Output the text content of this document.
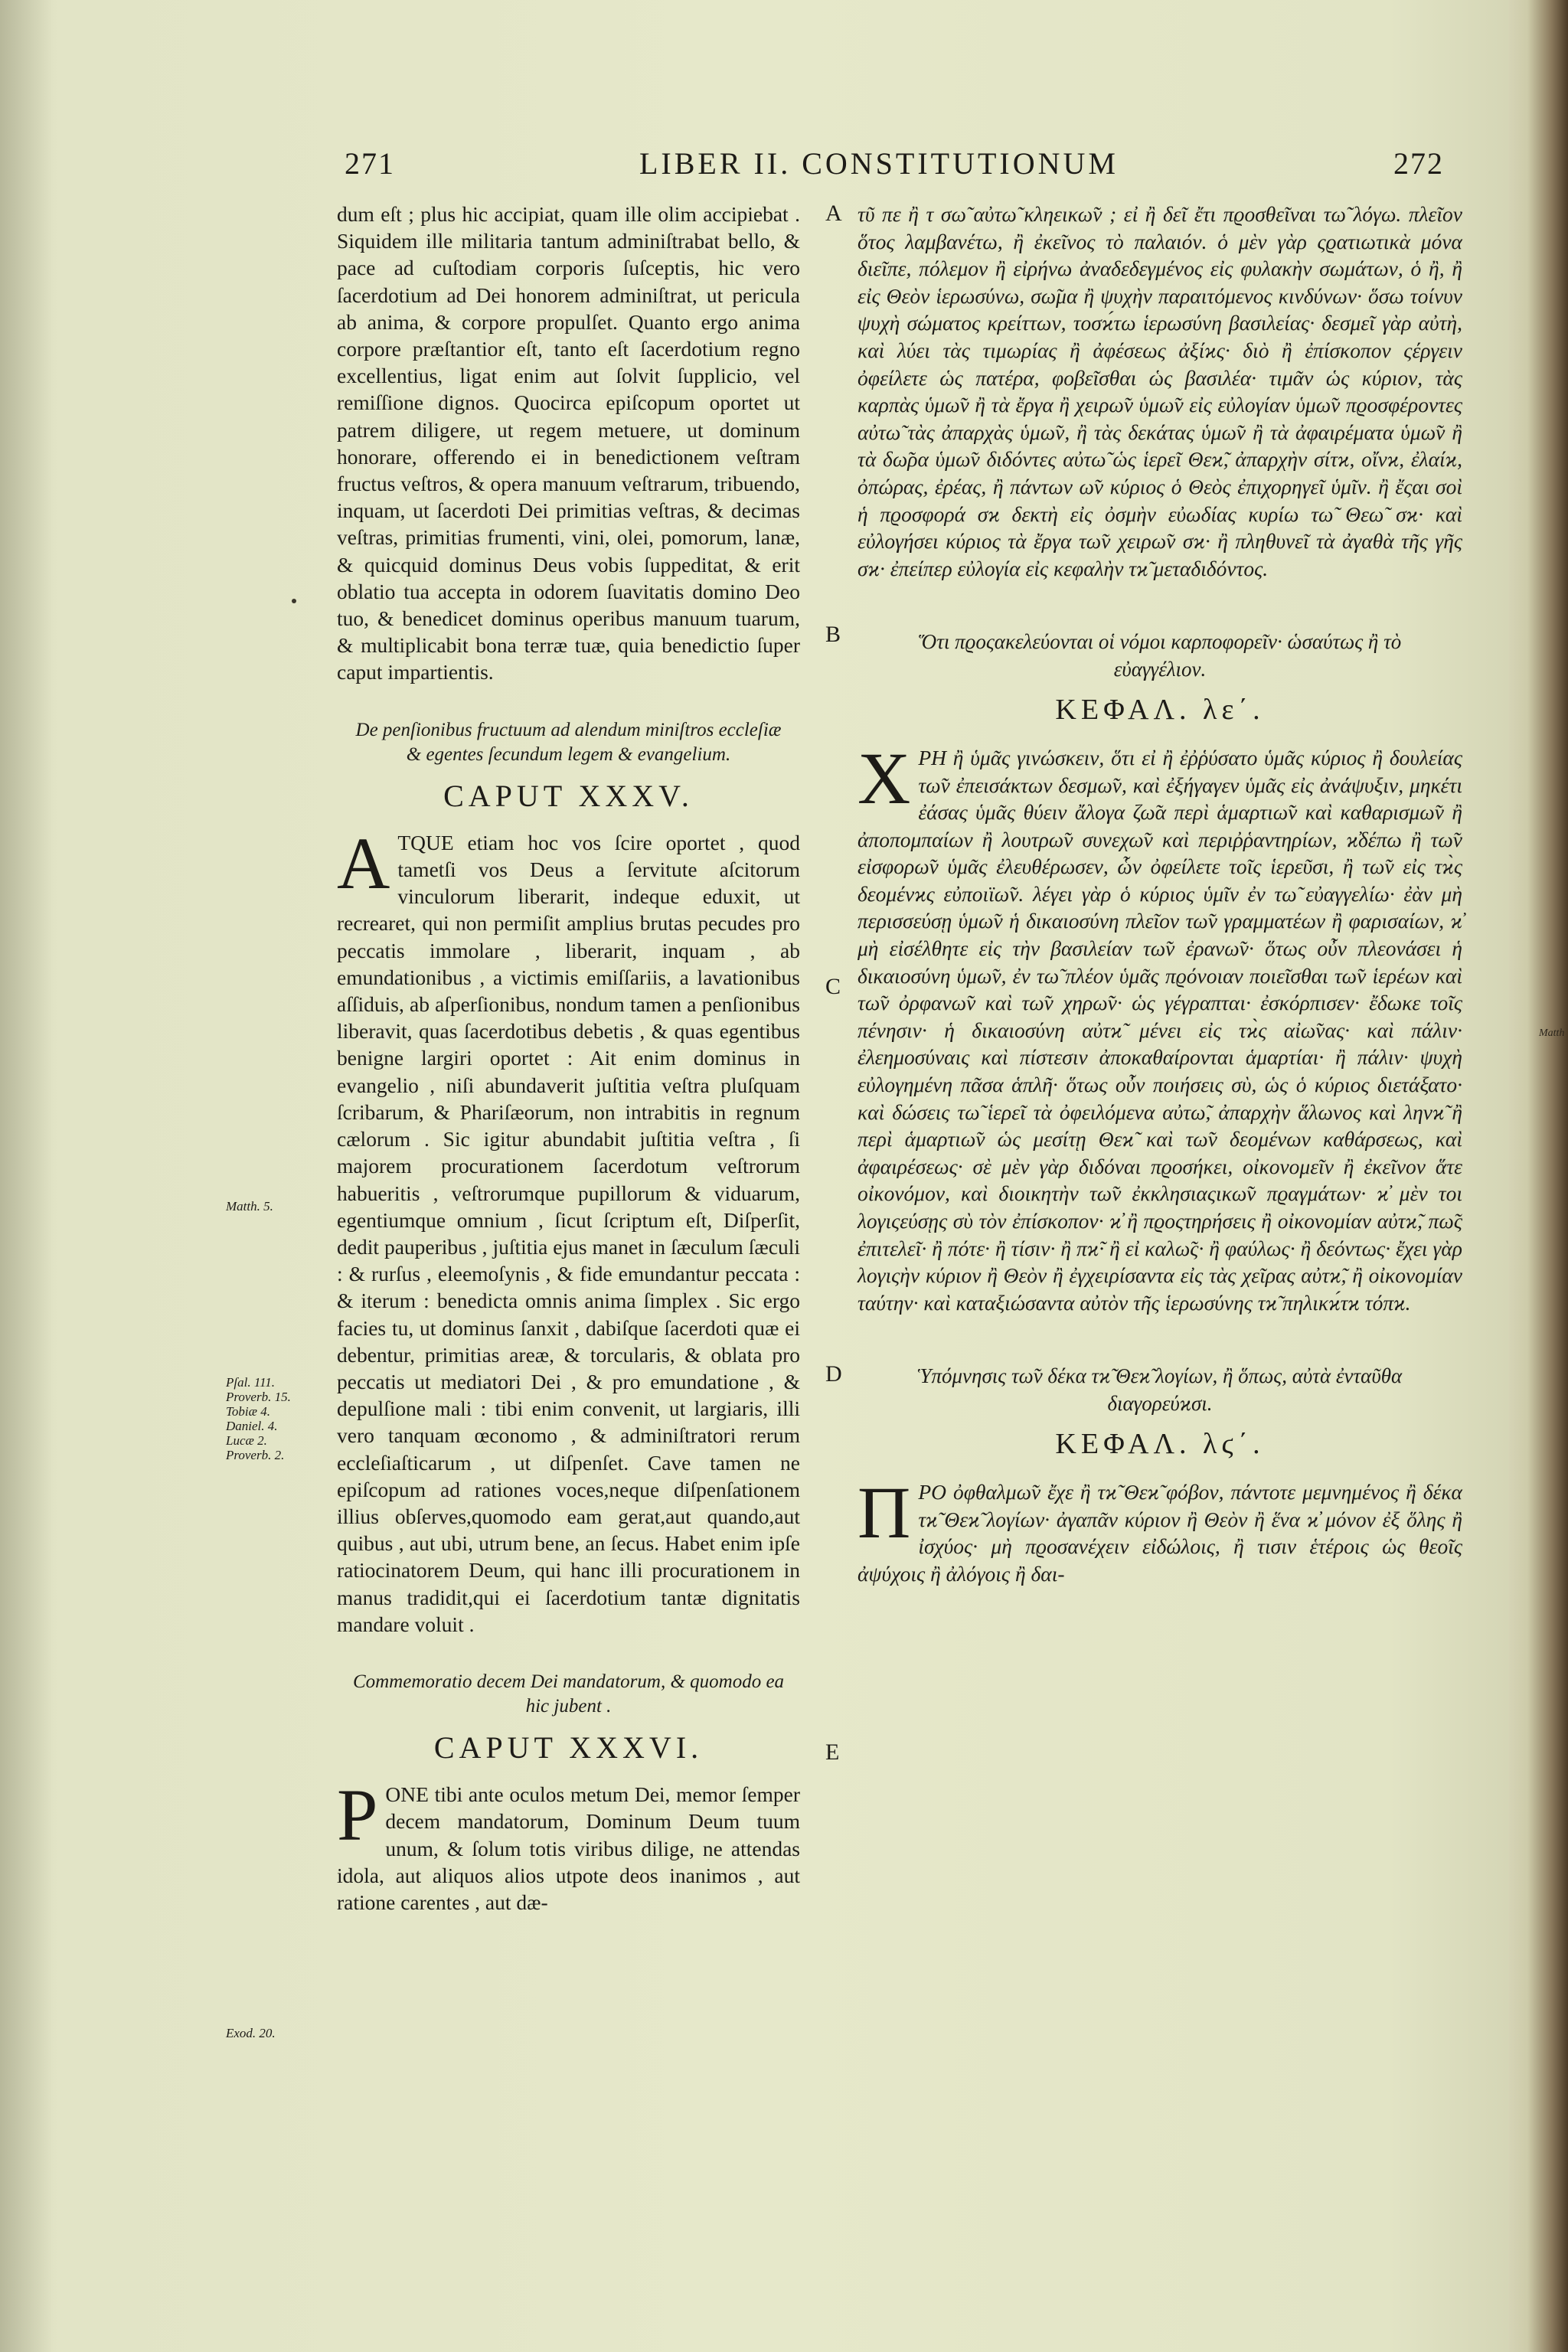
271	LIBER II. CONSTITUTIONUM	272

dum eſt ; plus hic accipiat, quam ille olim accipiebat . Siquidem ille militaria tantum adminiſtrabat bello, & pace ad cuſtodiam corporis ſuſceptis, hic vero ſacerdotium ad Dei honorem adminiſtrat, ut pericula ab anima, & corpore propulſet. Quanto ergo anima corpore præſtantior eſt, tanto eſt ſacerdotium regno excellentius, ligat enim aut ſolvit ſupplicio, vel remiſſione dignos. Quocirca epiſcopum oportet ut patrem diligere, ut regem metuere, ut dominum honorare, offerendo ei in benedictionem veſtram fructus veſtros, & opera manuum veſtrarum, tribuendo, inquam, ut ſacerdoti Dei primitias veſtras, & decimas veſtras, primitias frumenti, vini, olei, pomorum, lanæ, & quicquid dominus Deus vobis ſuppeditat, & erit oblatio tua accepta in odorem ſuavitatis domino Deo tuo, & benedicet dominus operibus manuum tuarum, & multiplicabit bona terræ tuæ, quia benedictio ſuper caput impartientis.

De penſionibus fructuum ad alendum miniſtros eccleſiæ & egentes ſecundum legem & evangelium.

CAPUT XXXV.

ATQUE etiam hoc vos ſcire oportet , quod tametſi vos Deus a ſervitute aſcitorum vinculorum liberarit, indeque eduxit, ut recrearet, qui non permiſit amplius brutas pecudes pro peccatis immolare , liberarit, inquam , ab emundationibus , a victimis emiſſariis, a lavationibus aſſiduis, ab aſperſionibus, nondum tamen a penſionibus liberavit, quas ſacerdotibus debetis , & quas egentibus benigne largiri oportet : Ait enim dominus in evangelio , niſi abundaverit juſtitia veſtra pluſquam ſcribarum, & Phariſæorum, non intrabitis in regnum cælorum . Sic igitur abundabit juſtitia veſtra , ſi majorem procurationem ſacerdotum veſtrorum habueritis , veſtrorumque pupillorum & viduarum, egentiumque omnium , ſicut ſcriptum eſt, Diſperſit, dedit pauperibus , juſtitia ejus manet in ſæculum ſæculi : & rurſus , eleemoſynis , & fide emundantur peccata : & iterum : benedicta omnis anima ſimplex . Sic ergo facies tu, ut dominus ſanxit , dabiſque ſacerdoti quæ ei debentur, primitias areæ, & torcularis, & oblata pro peccatis ut mediatori Dei , & pro emundatione , & depulſione mali : tibi enim convenit, ut largiaris, illi vero tanquam œconomo , & adminiſtratori rerum eccleſiaſticarum , ut diſpenſet. Cave tamen ne epiſcopum ad rationes voces,neque diſpenſationem illius obſerves,quomodo eam gerat,aut quando,aut quibus , aut ubi, utrum bene, an ſecus. Habet enim ipſe ratiocinatorem Deum, qui hanc illi procurationem in manus tradidit,qui ei ſacerdotium tantæ dignitatis mandare voluit .

Commemoratio decem Dei mandatorum, & quomodo ea hic jubent .

CAPUT XXXVI.

PONE tibi ante oculos metum Dei, memor ſemper decem mandatorum, Dominum Deum tuum unum, & ſolum totis viribus dilige, ne attendas idola, aut aliquos alios utpote deos inanimos , aut ratione carentes , aut dæ-

τῦ πε ἢ τ σω̃ αὐτω̃ κληεικω̃ν ; εἰ ἢ δεῖ ἔτι πϱοσθεῖναι τω̃ λόγω. πλεῖον ὅτος λαμβανέτω, ἢ ἐκεῖνος τὸ παλαιόν. ὁ μὲν γὰρ ςϱατιωτικὰ μόνα διεῖπε, πόλεμον ἢ εἰρήνω ἀναδεδεγμένος εἰς φυλακὴν σωμάτων, ὁ ἢ, ἢ εἰς Θεὸν ἱερωσύνω, σω̃μα ἢ ψυχὴν παραιτόμενος κινδύνων· ὅσω τοίνυν ψυχὴ σώματος κρείττων, τοσϰ́τω ἱερωσύνη βασιλείας· δεσμεῖ γὰρ αὐτὴ, καὶ λύει τὰς τιμωρίας ἢ ἀφέσεως ἀξίϰς· διὸ ἢ ἐπίσκοπον ςέργειν ὀφείλετε ὡς πατέρα, φοβεῖσθαι ὡς βασιλέα· τιμᾶν ὡς κύριον, τὰς καρπὰς ὑμω̃ν ἢ τὰ ἔργα ἢ χειρω̃ν ὑμω̃ν εἰς εὐλογίαν ὑμω̃ν πϱοσφέροντες αὐτω̃ τὰς ἀπαρχὰς ὑμω̃ν, ἢ τὰς δεκάτας ὑμω̃ν ἢ τὰ ἀφαιρέματα ὑμω̃ν ἢ τὰ δω̃ρα ὑμω̃ν διδόντες αὐτω̃ ὡς ἱερεῖ Θεϰ̃, ἀπαρχὴν σίτϰ, οἴνϰ, ἐλαίϰ, ὀπώρας, ἐρέας, ἢ πάντων ω̃ν κύριος ὁ Θεὸς ἐπιχορηγεῖ ὑμῖν. ἢ ἔςαι σοὶ ἡ πϱοσφορά σϰ δεκτὴ εἰς ὀσμὴν εὐωδίας κυρίω τω̃ Θεω̃ σϰ· καὶ εὐλογήσει κύριος τὰ ἔργα τω̃ν χειρω̃ν σϰ· ἢ πληθυνεῖ τὰ ἀγαθὰ τῆς γῆς σϰ· ἐπείπερ εὐλογία εἰς κεφαλὴν τϰ̃ μεταδιδόντος.

Ὅτι πϱοςακελεύονται οἱ νόμοι καρποφορεῖν· ὡσαύτως ἢ τὸ εὐαγγέλιον.

ΚΕΦΑΛ. λε΄.

ΧΡΗ ἢ ὑμᾶς γινώσκειν, ὅτι εἰ ἢ ἐῤῥύσατο ὑμᾶς κύριος ἢ δουλείας τω̃ν ἐπεισάκτων δεσμω̃ν, καὶ ἐξήγαγεν ὑμᾶς εἰς ἀνάψυξιν, μηκέτι ἐάσας ὑμᾶς θύειν ἄλογα ζω̃α περὶ ἁμαρτιω̃ν καὶ καθαρισμω̃ν ἢ ἀποπομπαίων ἢ λουτρω̃ν συνεχω̃ν καὶ περιῤῥαντηρίων, ϰ̓δέπω ἢ τω̃ν εἰσφορω̃ν ὑμᾶς ἐλευθέρωσεν, ὧν ὀφείλετε τοῖς ἱερεῦσι, ἢ τω̃ν εἰς τϰ̀ς δεομένϰς εὐποιϊω̃ν. λέγει γὰρ ὁ κύριος ὑμῖν ἐν τω̃ εὐαγγελίω· ἐὰν μὴ περισσεύσῃ ὑμω̃ν ἡ δικαιοσύνη πλεῖον τω̃ν γραμματέων ἢ φαρισαίων, ϰ̓ μὴ εἰσέλθητε εἰς τὴν βασιλείαν τω̃ν ἐρανω̃ν· ὅτως οὖν πλεονάσει ἡ δικαιοσύνη ὑμω̃ν, ἐν τω̃ πλέον ὑμᾶς πϱόνοιαν ποιεῖσθαι τω̃ν ἱερέων καὶ τω̃ν ὀρφανω̃ν καὶ τω̃ν χηρω̃ν· ὡς γέγραπται· ἐσκόρπισεν· ἔδωκε τοῖς πένησιν· ἡ δικαιοσύνη αὐτϰ̃ μένει εἰς τϰ̀ς αἰω̃νας· καὶ πάλιν· ἐλεημοσύναις καὶ πίστεσιν ἀποκαθαίρονται ἁμαρτίαι· ἢ πάλιν· ψυχὴ εὐλογημένη πᾶσα ἁπλῆ· ὅτως οὖν ποιήσεις σὺ, ὡς ὁ κύριος διετάξατο· καὶ δώσεις τω̃ ἱερεῖ τὰ ὀφειλόμενα αὐτω̃, ἀπαρχὴν ἅλωνος καὶ ληνϰ̃ ἢ περὶ ἁμαρτιω̃ν ὡς μεσίτῃ Θεϰ̃ καὶ τω̃ν δεομένων καθάρσεως, καὶ ἀφαιρέσεως· σὲ μὲν γὰρ διδόναι πϱοσήκει, οἰκονομεῖν ἢ ἐκεῖνον ἅτε οἰκονόμον, καὶ διοικητὴν τω̃ν ἐκκλησιαςικω̃ν πϱαγμάτων· ϰ̓ μὲν τοι λογιςεύσῃς σὺ τὸν ἐπίσκοπον· ϰ̓ ἢ πϱοςτηρήσεις ἢ οἰκονομίαν αὐτϰ̃, πω̃ς ἐπιτελεῖ· ἢ πότε· ἢ τίσιν· ἢ πϰ̃· ἢ εἰ καλω̃ς· ἢ φαύλως· ἢ δεόντως· ἔχει γὰρ λογιςὴν κύριον ἢ Θεὸν ἢ ἐγχειρίσαντα εἰς τὰς χεῖρας αὐτϰ̃, ἢ οἰκονομίαν ταύτην· καὶ καταξιώσαντα αὐτὸν τῆς ἱερωσύνης τϰ̃ πηλικϰ́τϰ τόπϰ.

Ὑπόμνησις τω̃ν δέκα τϰ̃ Θεϰ̃ λογίων, ἢ ὅπως, αὐτὰ ἐνταῦθα διαγορεύϰσι.

ΚΕΦΑΛ. λϛ΄.

ΠΡΟ ὀφθαλμω̃ν ἔχε ἢ τϰ̃ Θεϰ̃ φόβον, πάντοτε μεμνημένος ἢ δέκα τϰ̃ Θεϰ̃ λογίων· ἀγαπᾶν κύριον ἢ Θεὸν ἢ ἕνα ϰ̓ μόνον ἐξ ὅλης ἢ ἰσχύος· μὴ πϱοσανέχειν εἰδώλοις, ἢ τισιν ἑτέροις ὡς θεοῖς ἀψύχοις ἢ ἀλόγοις ἢ δαι-

A
B
C
D
E
Matth. 5.
Pſal. 111.
Proverb. 15.
Tobiæ 4.
Daniel. 4.
Lucæ 2.
Proverb. 2.
Exod. 20.
Matth
